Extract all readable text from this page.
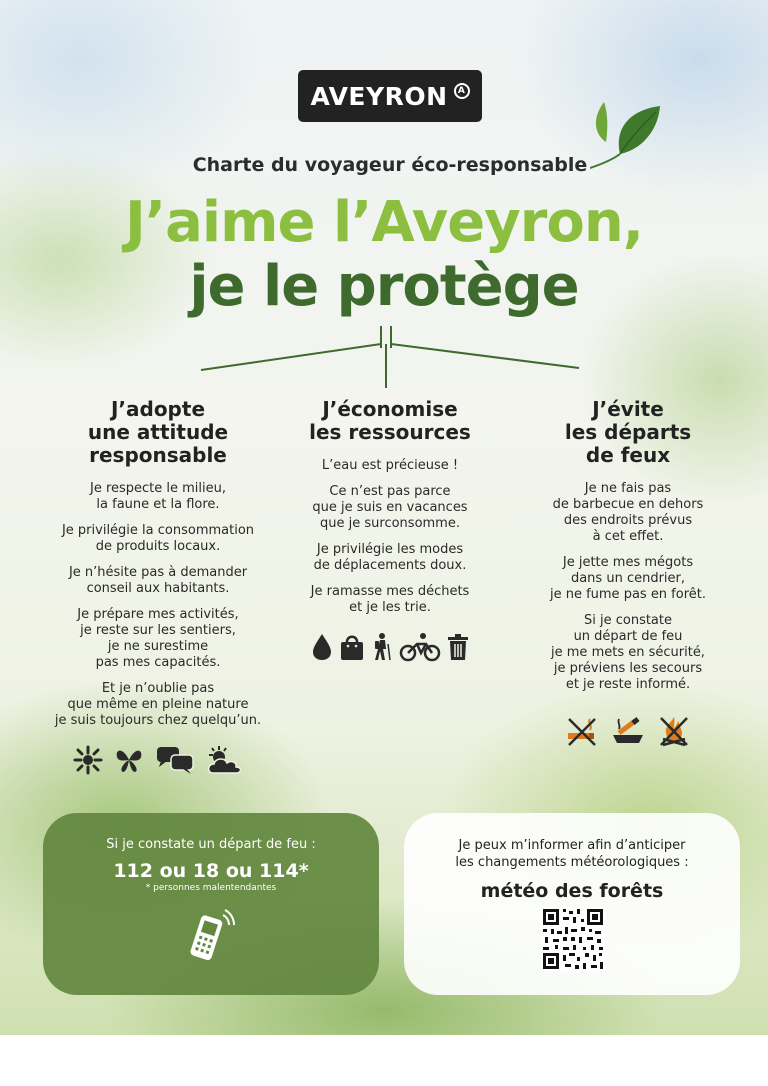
AVEYRON	A
Charte du voyageur éco-responsable
J’aime l’Aveyron,
je le protège
J’adopte
une attitude
responsable

Je respecte le milieu,
la faune et la flore.

Je privilégie la consommation
de produits locaux.

Je n’hésite pas à demander
conseil aux habitants.

Je prépare mes activités,
je reste sur les sentiers,
je ne surestime
pas mes capacités.

Et je n’oublie pas
que même en pleine nature
je suis toujours chez quelqu’un.

J’économise
les ressources

L’eau est précieuse !

Ce n’est pas parce
que je suis en vacances
que je surconsomme.

Je privilégie les modes
de déplacements doux.

Je ramasse mes déchets
et je les trie.

J’évite
les départs
de feux

Je ne fais pas
de barbecue en dehors
des endroits prévus
à cet effet.

Je jette mes mégots
dans un cendrier,
je ne fume pas en forêt.

Si je constate
un départ de feu
je me mets en sécurité,
je préviens les secours
et je reste informé.

Si je constate un départ de feu :
112 ou 18 ou 114*
* personnes malentendantes
Je peux m’informer afin d’anticiper
les changements météorologiques :
météo des forêts
